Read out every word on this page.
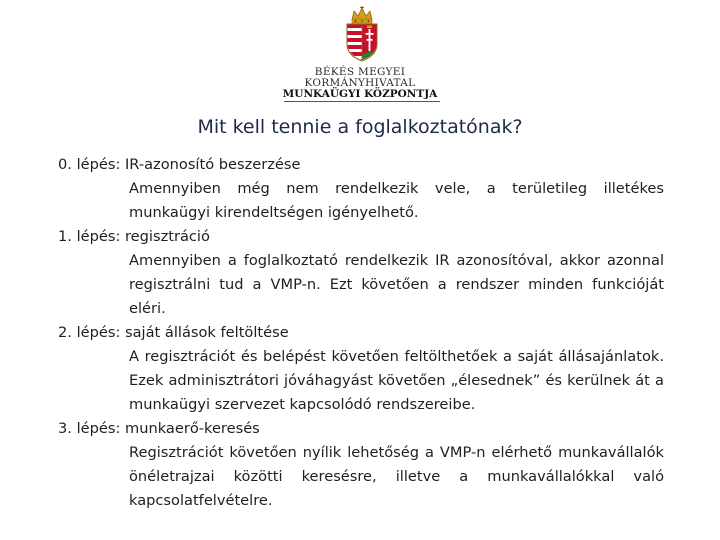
BÉKÉS MEGYEI
KORMÁNYHIVATAL
MUNKAÜGYI KÖZPONTJA
Mit kell tennie a foglalkoztatónak?

0. lépés: IR-azonosító beszerzése

Amennyiben még nem rendelkezik vele, a területileg illetékes munkaügyi kirendeltségen igényelhető.

1. lépés: regisztráció

Amennyiben a foglalkoztató rendelkezik IR azonosítóval, akkor azonnal regisztrálni tud a VMP-n. Ezt követően a rendszer minden funkcióját eléri.

2. lépés: saját állások feltöltése

A regisztrációt és belépést követően feltölthetőek a saját állásajánlatok. Ezek adminisztrátori jóváhagyást követően „élesednek” és kerülnek át a munkaügyi szervezet kapcsolódó rendszereibe.

3. lépés: munkaerő-keresés

Regisztrációt követően nyílik lehetőség a VMP-n elérhető munkavállalók önéletrajzai közötti keresésre, illetve a munkavállalókkal való kapcsolatfelvételre.
